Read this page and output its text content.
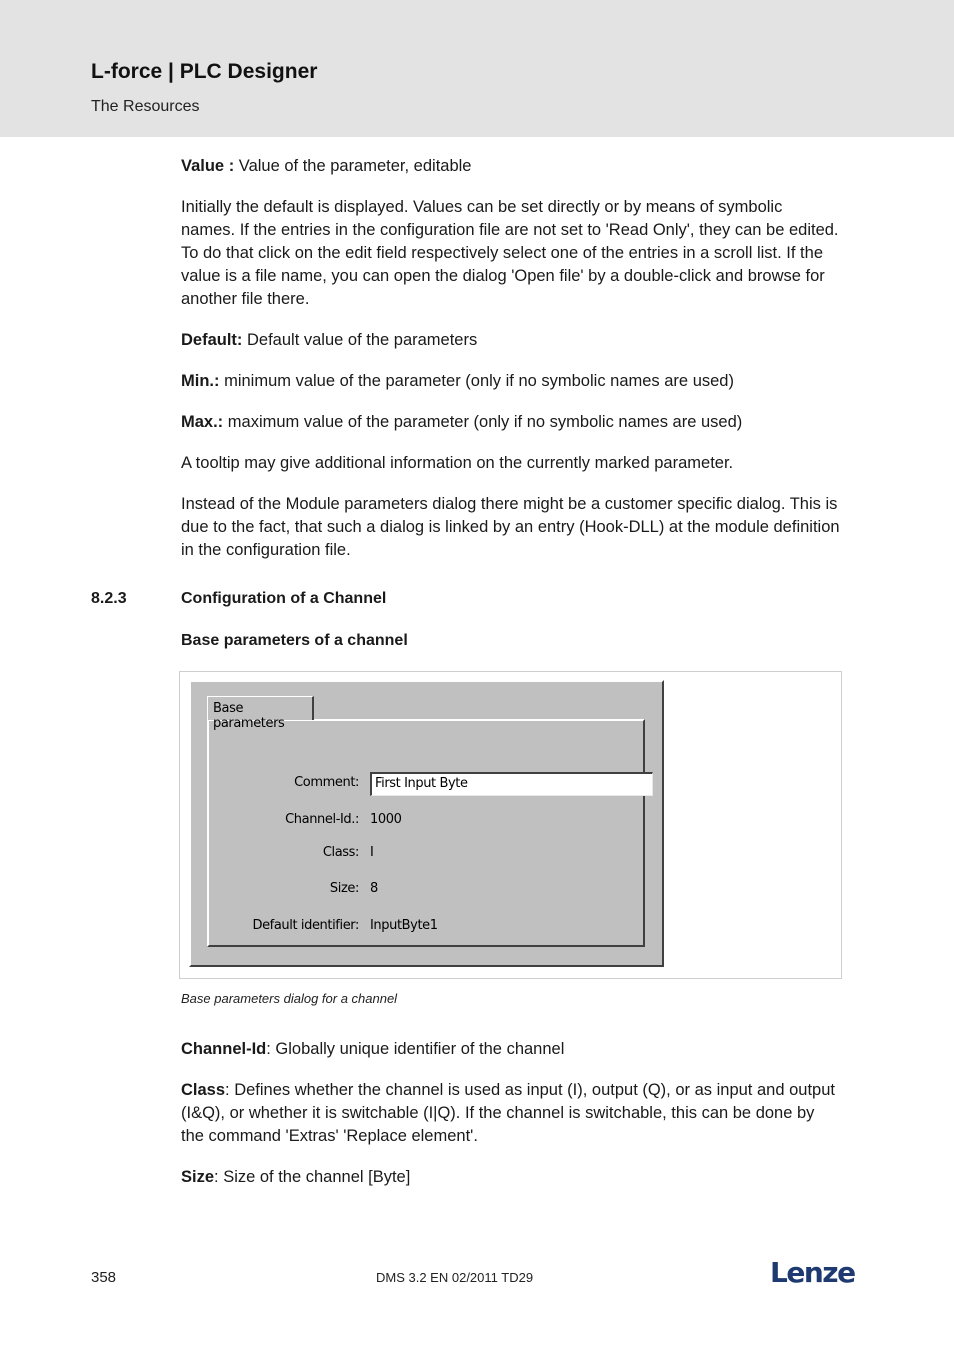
L-force | PLC Designer
The Resources
Value : Value of the parameter, editable
Initially the default is displayed. Values can be set directly or by means of symbolic names. If the entries in the configuration file are not set to 'Read Only', they can be edited. To do that click on the edit field respectively select one of the entries in a scroll list. If the value is a file name, you can open the dialog 'Open file' by a double-click and browse for another file there.
Default: Default value of the parameters
Min.: minimum value of the parameter (only if no symbolic names are used)
Max.: maximum value of the parameter (only if no symbolic names are used)
A tooltip may give additional information on the currently marked parameter.
Instead of the Module parameters dialog there might be a customer specific dialog. This is due to the fact, that such a dialog is linked by an entry (Hook-DLL) at the module definition in the configuration file.
8.2.3	Configuration of a Channel
Base parameters of a channel
Base parameters
Comment:	First Input Byte
Channel-Id.: 1000
Class: I
Size: 8
Default identifier: InputByte1
Base parameters dialog for a channel
Channel-Id: Globally unique identifier of the channel
Class: Defines whether the channel is used as input (I), output (Q), or as input and output (I&Q), or whether it is switchable (I|Q). If the channel is switchable, this can be done by the command 'Extras' 'Replace element'.
Size: Size of the channel [Byte]
358	DMS 3.2 EN 02/2011 TD29	Lenze
